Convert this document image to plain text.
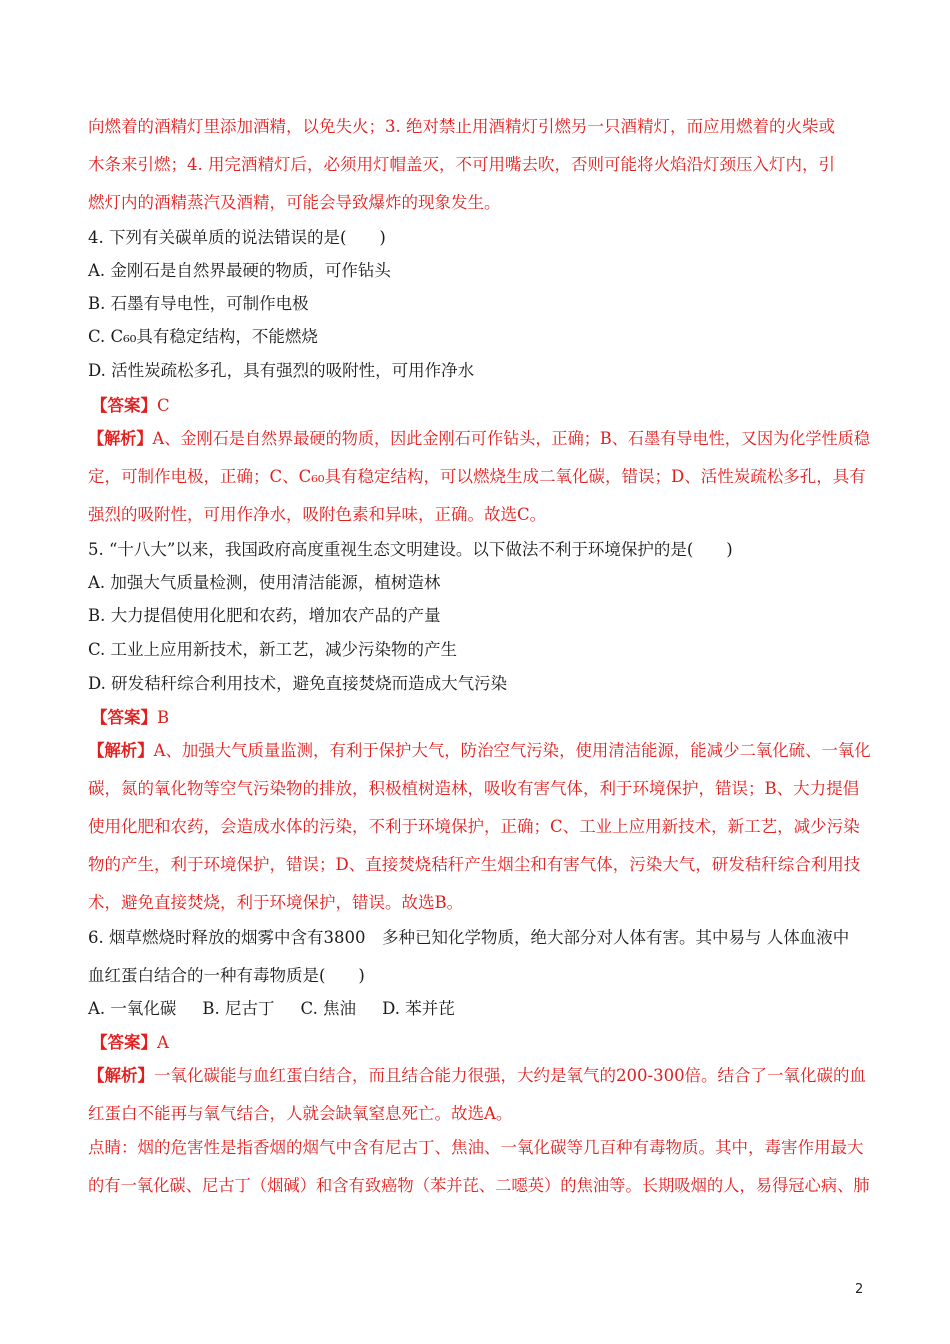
向燃着的酒精灯里添加酒精，以免失火；3. 绝对禁止用酒精灯引燃另一只酒精灯，而应用燃着的火柴或
木条来引燃；4. 用完酒精灯后，必须用灯帽盖灭，不可用嘴去吹，否则可能将火焰沿灯颈压入灯内，引
燃灯内的酒精蒸汽及酒精，可能会导致爆炸的现象发生。
4. 下列有关碳单质的说法错误的是(　　)
A. 金刚石是自然界最硬的物质，可作钻头
B. 石墨有导电性，可制作电极
C. C₆₀具有稳定结构，不能燃烧
D. 活性炭疏松多孔，具有强烈的吸附性，可用作净水
【答案】C
【解析】A、金刚石是自然界最硬的物质，因此金刚石可作钻头，正确；B、石墨有导电性，又因为化学性质稳
定，可制作电极，正确；C、C₆₀具有稳定结构，可以燃烧生成二氧化碳，错误；D、活性炭疏松多孔，具有
强烈的吸附性，可用作净水，吸附色素和异味，正确。故选C。
5. “十八大”以来，我国政府高度重视生态文明建设。以下做法不利于环境保护的是(　　)
A. 加强大气质量检测，使用清洁能源，植树造林
B. 大力提倡使用化肥和农药，增加农产品的产量
C. 工业上应用新技术，新工艺，减少污染物的产生
D. 研发秸秆综合利用技术，避免直接焚烧而造成大气污染
【答案】B
【解析】A、加强大气质量监测，有利于保护大气，防治空气污染，使用清洁能源，能减少二氧化硫、一氧化
碳，氮的氧化物等空气污染物的排放，积极植树造林，吸收有害气体，利于环境保护，错误；B、大力提倡
使用化肥和农药，会造成水体的污染，不利于环境保护，正确；C、工业上应用新技术，新工艺，减少污染
物的产生，利于环境保护，错误；D、直接焚烧秸秆产生烟尘和有害气体，污染大气，研发秸秆综合利用技
术，避免直接焚烧，利于环境保护，错误。故选B。
6. 烟草燃烧时释放的烟雾中含有3800　多种已知化学物质，绝大部分对人体有害。其中易与 人体血液中
血红蛋白结合的一种有毒物质是(　　)
A. 一氧化碳 B. 尼古丁 C. 焦油 D. 苯并芘
【答案】A
【解析】一氧化碳能与血红蛋白结合，而且结合能力很强，大约是氧气的200-300倍。结合了一氧化碳的血
红蛋白不能再与氧气结合，人就会缺氧窒息死亡。故选A。
点睛：烟的危害性是指香烟的烟气中含有尼古丁、焦油、一氧化碳等几百种有毒物质。其中，毒害作用最大
的有一氧化碳、尼古丁（烟碱）和含有致癌物（苯并芘、二噁英）的焦油等。长期吸烟的人，易得冠心病、肺
2
